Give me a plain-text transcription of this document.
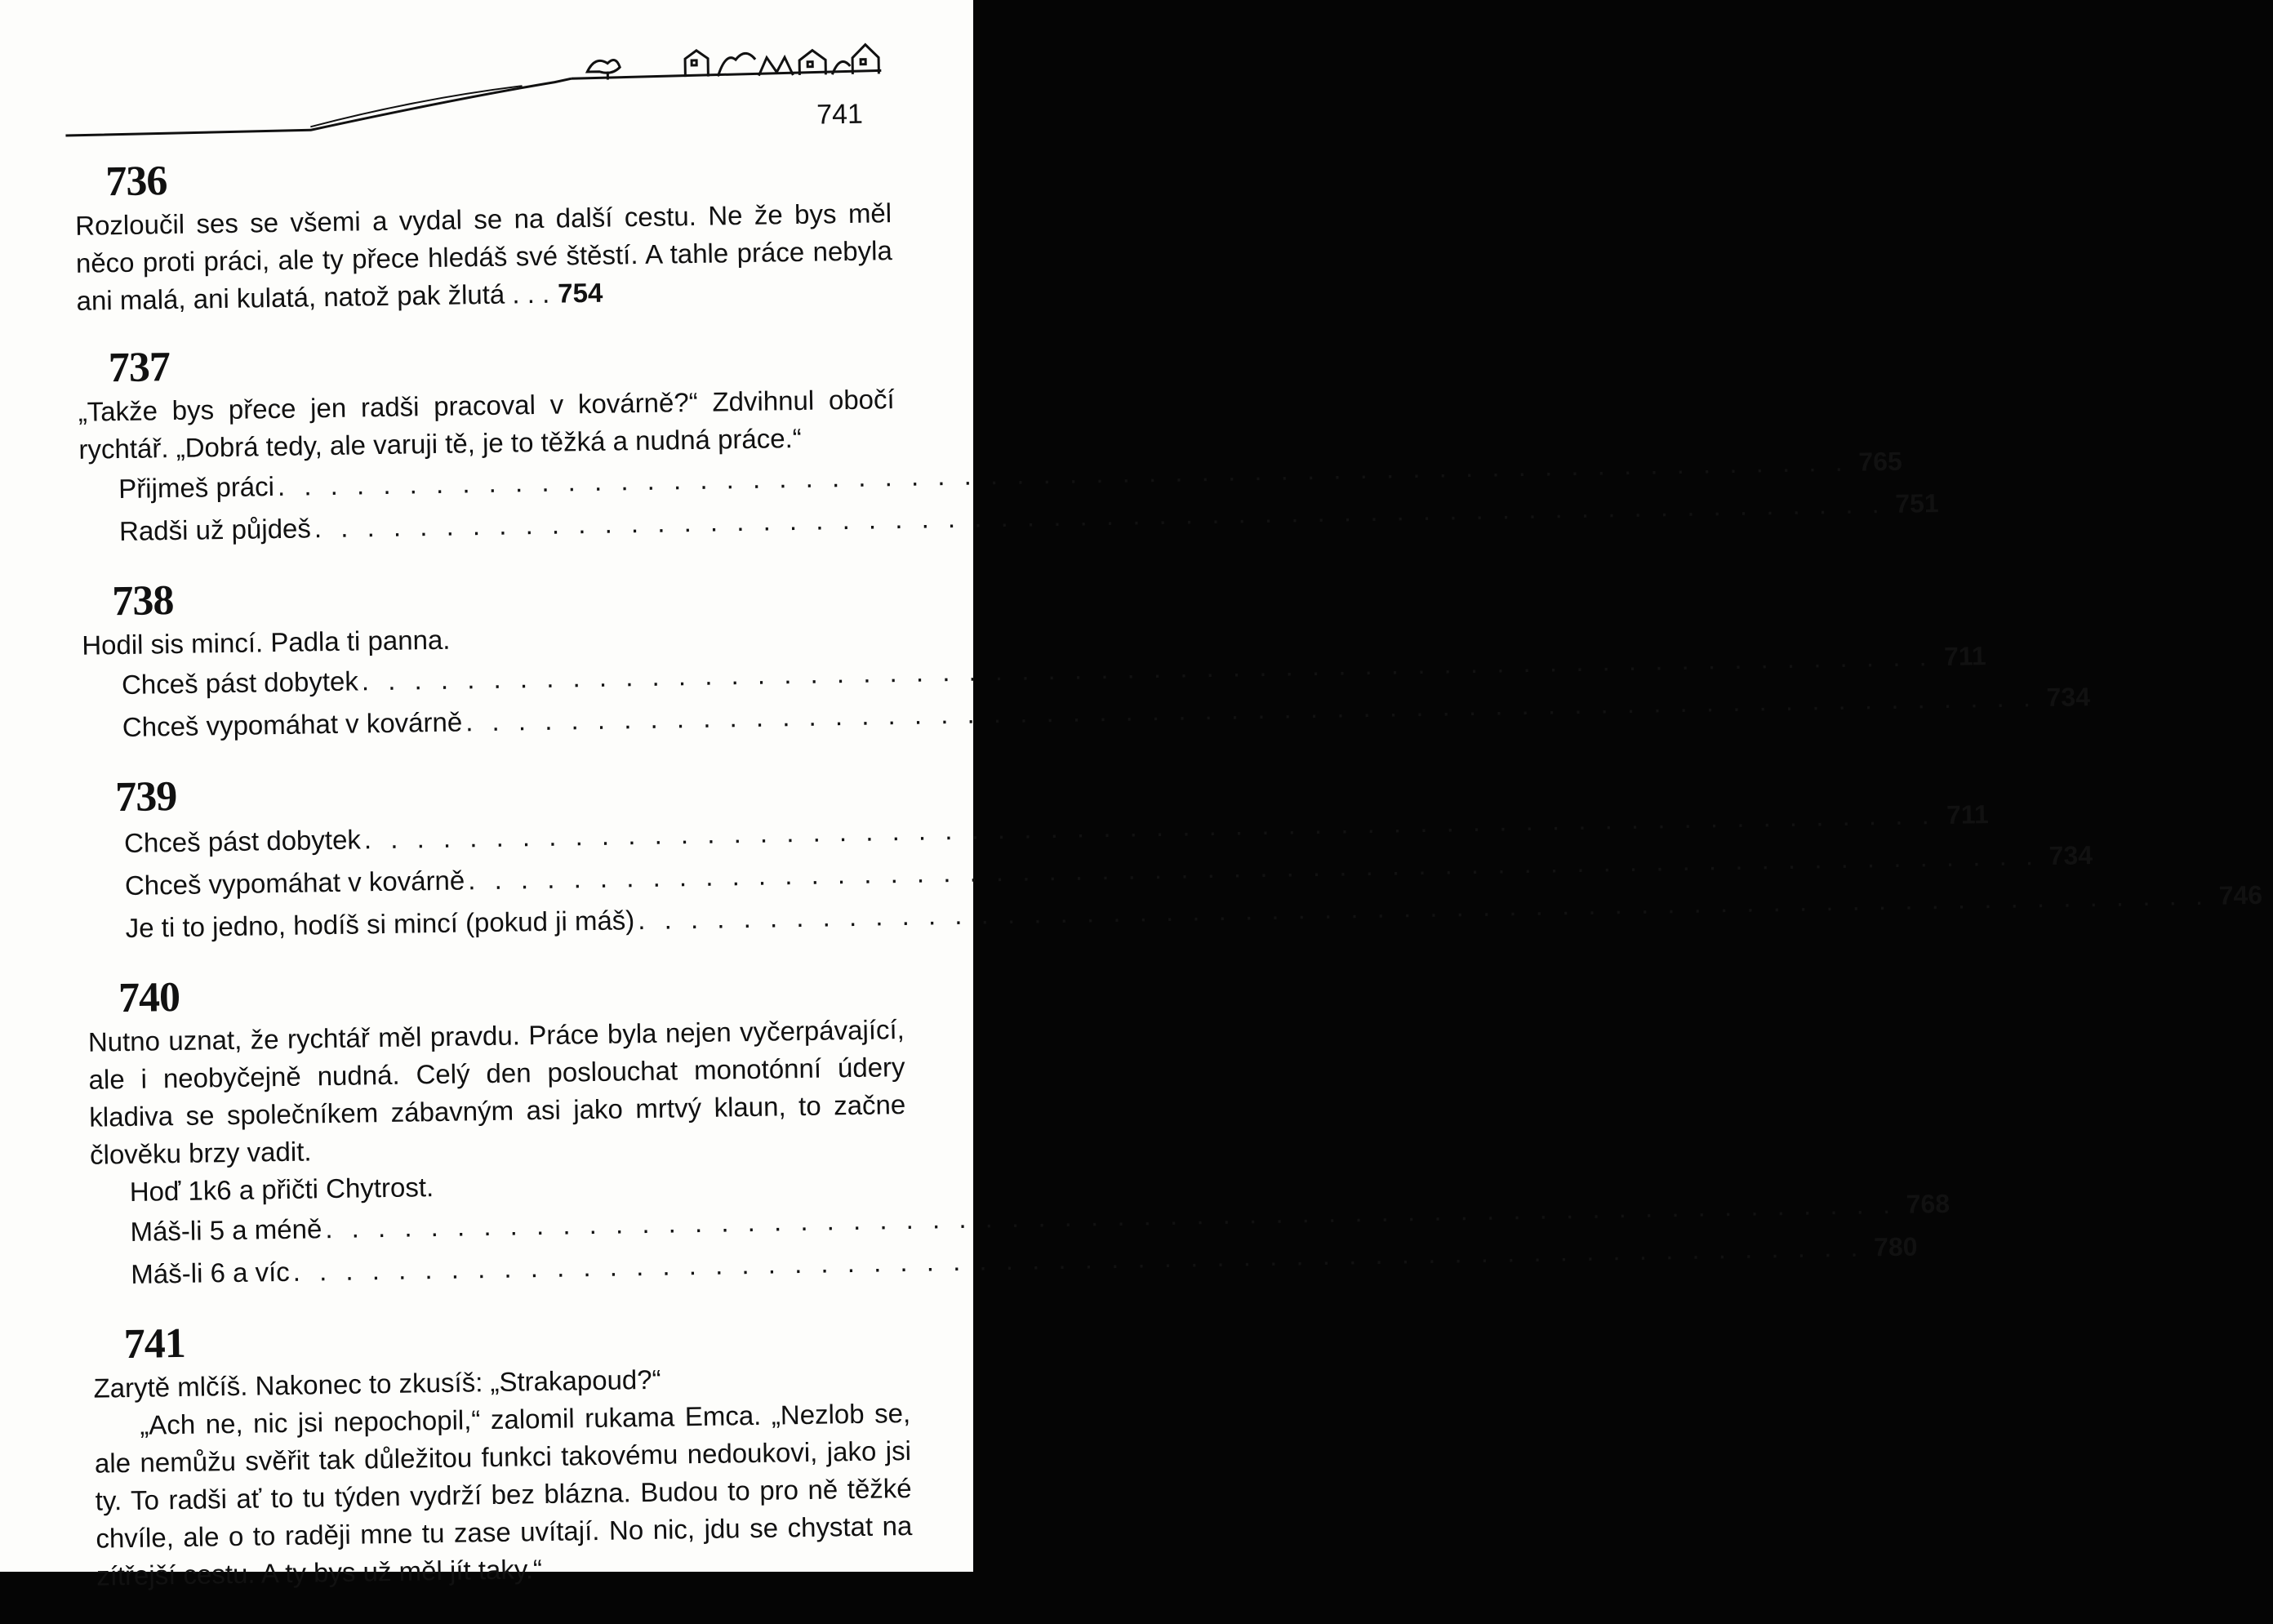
741
736

Rozloučil ses se všemi a vydal se na další cestu. Ne že bys měl něco proti práci, ale ty přece hledáš své štěstí. A tahle práce nebyla ani malá, ani kulatá, natož pak žlutá . . . 754

737

„Takže bys přece jen radši pracoval v kovárně?“ Zdvihnul obočí rychtář. „Dobrá tedy, ale varuji tě, je to těžká a nudná práce.“

Přijmeš práci
. . .
765
Radši už půjdeš
. . .
751
738

Hodil sis mincí. Padla ti panna.

Chceš pást dobytek
. . .
711
Chceš vypomáhat v kovárně
. . .
734
739
Chceš pást dobytek
. . .
711
Chceš vypomáhat v kovárně
. . .
734
Je ti to jedno, hodíš si mincí (pokud ji máš)
. . .
746
740

Nutno uznat, že rychtář měl pravdu. Práce byla nejen vyčerpávající, ale i neobyčejně nudná. Celý den poslouchat monotónní údery kladiva se společníkem zábavným asi jako mrtvý klaun, to začne člověku brzy vadit.

Hoď 1k6 a přičti Chytrost.

Máš-li 5 a méně
. . .
768
Máš-li 6 a víc
. . .
780
741

Zarytě mlčíš. Nakonec to zkusíš: „Strakapoud?“

„Ach ne, nic jsi nepochopil,“ zalomil rukama Emca. „Nezlob se, ale nemůžu svěřit tak důležitou funkci takovému nedoukovi, jako jsi ty. To radši ať to tu týden vydrží bez blázna. Budou to pro ně těžké chvíle, ale o to raději mne tu zase uvítají. No nic, jdu se chystat na zítřejší cestu. A ty bys už měl jít taky.“
